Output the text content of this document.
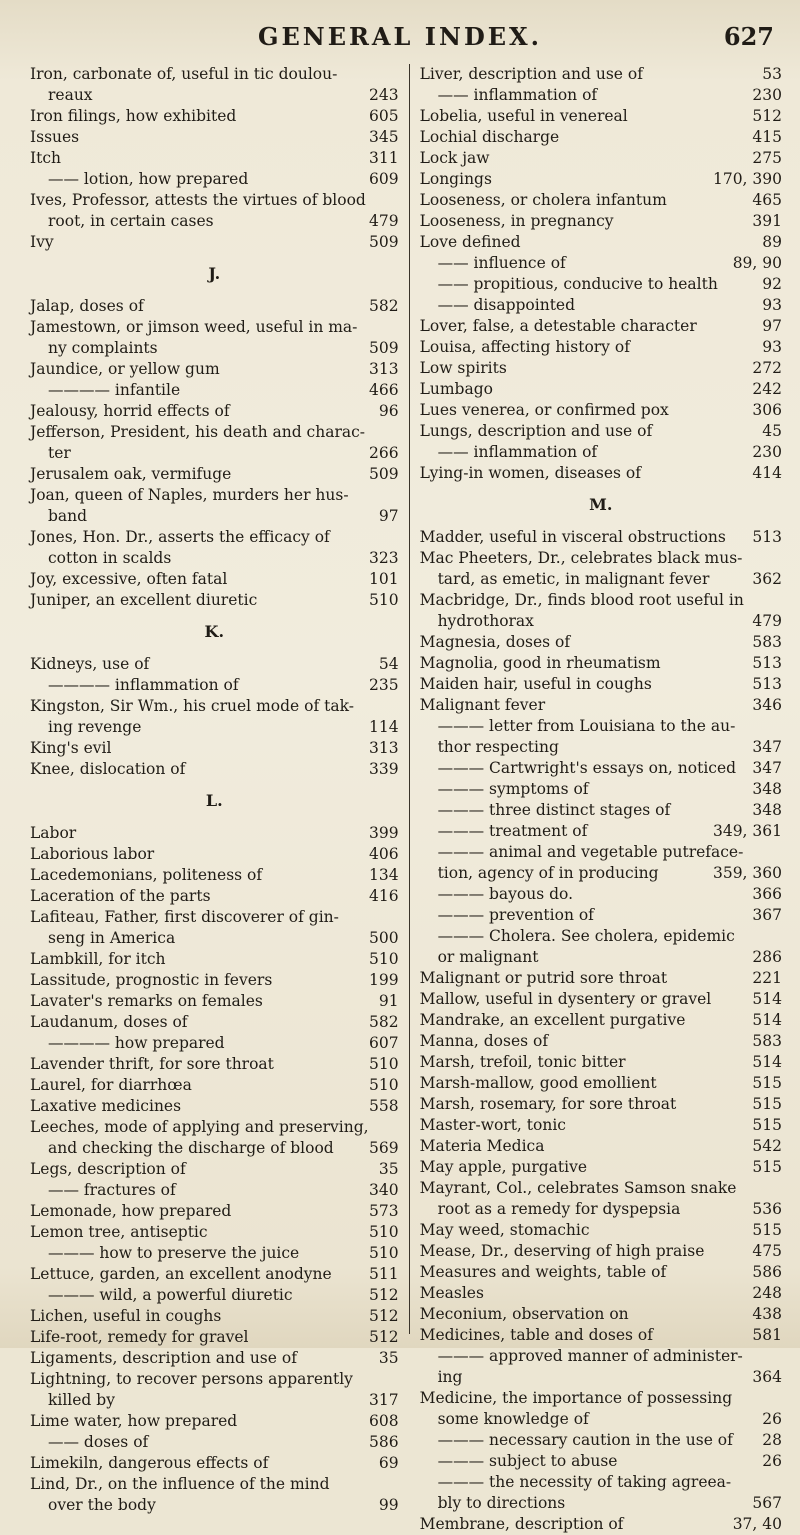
GENERAL INDEX.	627
Iron, carbonate of, useful in tic doulou-
reaux	243
Iron filings, how exhibited	605
Issues	345
Itch	311
—— lotion, how prepared	609
Ives, Professor, attests the virtues of blood
root, in certain cases	479
Ivy	509
J.
Jalap, doses of	582
Jamestown, or jimson weed, useful in ma-
ny complaints	509
Jaundice, or yellow gum	313
———— infantile	466
Jealousy, horrid effects of	96
Jefferson, President, his death and charac-
ter	266
Jerusalem oak, vermifuge	509
Joan, queen of Naples, murders her hus-
band	97
Jones, Hon. Dr., asserts the efficacy of
cotton in scalds	323
Joy, excessive, often fatal	101
Juniper, an excellent diuretic	510
K.
Kidneys, use of	54
———— inflammation of	235
Kingston, Sir Wm., his cruel mode of tak-
ing revenge	114
King's evil	313
Knee, dislocation of	339
L.
Labor	399
Laborious labor	406
Lacedemonians, politeness of	134
Laceration of the parts	416
Lafiteau, Father, first discoverer of gin-
seng in America	500
Lambkill, for itch	510
Lassitude, prognostic in fevers	199
Lavater's remarks on females	91
Laudanum, doses of	582
———— how prepared	607
Lavender thrift, for sore throat	510
Laurel, for diarrhœa	510
Laxative medicines	558
Leeches, mode of applying and preserving,
and checking the discharge of blood	569
Legs, description of	35
—— fractures of	340
Lemonade, how prepared	573
Lemon tree, antiseptic	510
——— how to preserve the juice	510
Lettuce, garden, an excellent anodyne	511
——— wild, a powerful diuretic	512
Lichen, useful in coughs	512
Life-root, remedy for gravel	512
Ligaments, description and use of	35
Lightning, to recover persons apparently
killed by	317
Lime water, how prepared	608
—— doses of	586
Limekiln, dangerous effects of	69
Lind, Dr., on the influence of the mind
over the body	99
Liver, description and use of	53
—— inflammation of	230
Lobelia, useful in venereal	512
Lochial discharge	415
Lock jaw	275
Longings	170, 390
Looseness, or cholera infantum	465
Looseness, in pregnancy	391
Love defined	89
—— influence of	89, 90
—— propitious, conducive to health	92
—— disappointed	93
Lover, false, a detestable character	97
Louisa, affecting history of	93
Low spirits	272
Lumbago	242
Lues venerea, or confirmed pox	306
Lungs, description and use of	45
—— inflammation of	230
Lying-in women, diseases of	414
M.
Madder, useful in visceral obstructions	513
Mac Pheeters, Dr., celebrates black mus-
tard, as emetic, in malignant fever	362
Macbridge, Dr., finds blood root useful in
hydrothorax	479
Magnesia, doses of	583
Magnolia, good in rheumatism	513
Maiden hair, useful in coughs	513
Malignant fever	346
——— letter from Louisiana to the au-
thor respecting	347
——— Cartwright's essays on, noticed	347
——— symptoms of	348
——— three distinct stages of	348
——— treatment of	349, 361
——— animal and vegetable putreface-
tion, agency of in producing	359, 360
——— bayous do.	366
——— prevention of	367
——— Cholera. See cholera, epidemic
or malignant	286
Malignant or putrid sore throat	221
Mallow, useful in dysentery or gravel	514
Mandrake, an excellent purgative	514
Manna, doses of	583
Marsh, trefoil, tonic bitter	514
Marsh-mallow, good emollient	515
Marsh, rosemary, for sore throat	515
Master-wort, tonic	515
Materia Medica	542
May apple, purgative	515
Mayrant, Col., celebrates Samson snake
root as a remedy for dyspepsia	536
May weed, stomachic	515
Mease, Dr., deserving of high praise	475
Measures and weights, table of	586
Measles	248
Meconium, observation on	438
Medicines, table and doses of	581
——— approved manner of administer-
ing	364
Medicine, the importance of possessing
some knowledge of	26
——— necessary caution in the use of	28
——— subject to abuse	26
——— the necessity of taking agreea-
bly to directions	567
Membrane, description of	37, 40
